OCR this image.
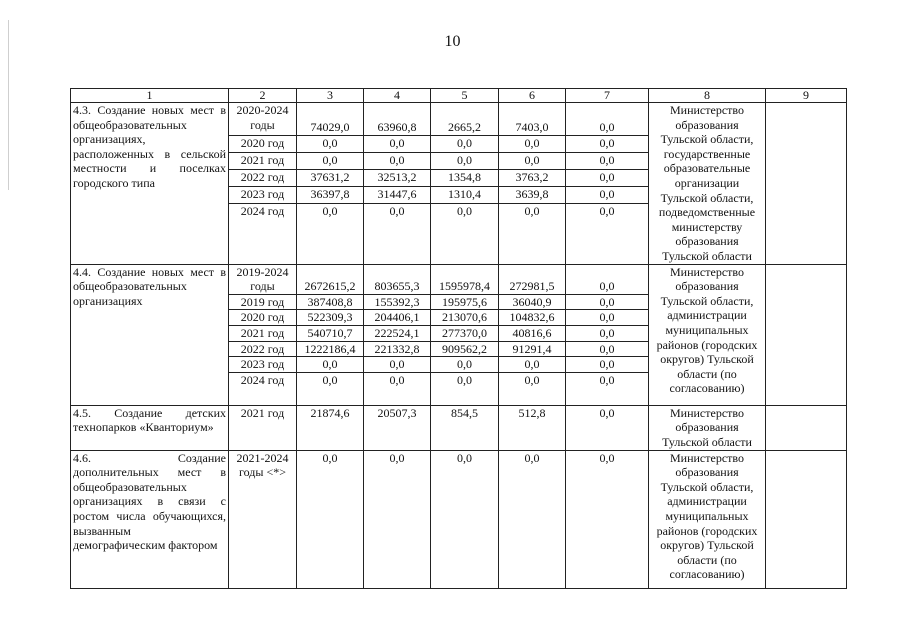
10
1	2	3	4	5	6	7	8	9
4.3. Создание новых мест в общеобразовательных организациях, расположенных в сельской местности и поселках городского типа	2020-2024 годы	74029,0	63960,8	2665,2	7403,0	0,0	Министерство образования Тульской области, государственные образовательные организации Тульской области, подведомственные министерству образования Тульской области	
	2020 год	0,0	0,0	0,0	0,0	0,0		
	2021 год	0,0	0,0	0,0	0,0	0,0		
	2022 год	37631,2	32513,2	1354,8	3763,2	0,0		
	2023 год	36397,8	31447,6	1310,4	3639,8	0,0		
	2024 год	0,0	0,0	0,0	0,0	0,0		
4.4. Создание новых мест в общеобразовательных организациях	2019-2024 годы	2672615,2	803655,3	1595978,4	272981,5	0,0	Министерство образования Тульской области, администрации муниципальных районов (городских округов) Тульской области (по согласованию)	
	2019 год	387408,8	155392,3	195975,6	36040,9	0,0		
	2020 год	522309,3	204406,1	213070,6	104832,6	0,0		
	2021 год	540710,7	222524,1	277370,0	40816,6	0,0		
	2022 год	1222186,4	221332,8	909562,2	91291,4	0,0		
	2023 год	0,0	0,0	0,0	0,0	0,0		
	2024 год	0,0	0,0	0,0	0,0	0,0		
4.5. Создание детских технопарков «Кванториум»	2021 год	21874,6	20507,3	854,5	512,8	0,0	Министерство образования Тульской области	
4.6. Создание дополнительных мест в общеобразовательных организациях в связи с ростом числа обучающихся, вызванным демографическим фактором	2021-2024 годы <*>	0,0	0,0	0,0	0,0	0,0	Министерство образования Тульской области, администрации муниципальных районов (городских округов) Тульской области (по согласованию)	
